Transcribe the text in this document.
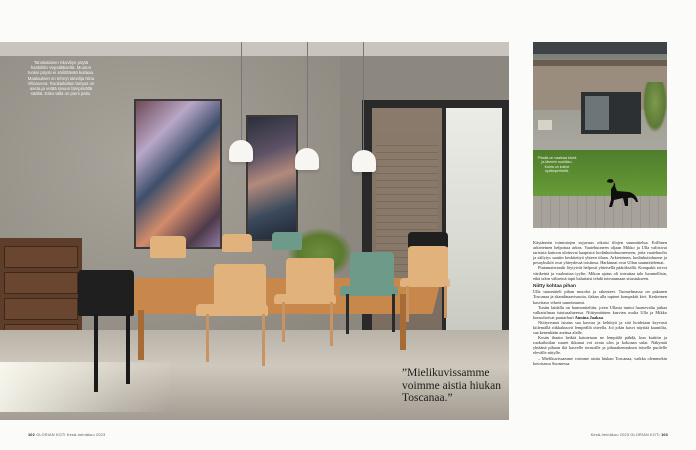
Tanskalaisen Skovbyn pöytä hankittiin Vepsäläiseltä. Muuton tuoksi pöysti ei säilöttävää kuitaaa. Maalaukset on tehnyt taiteilija Nina Villanueva. Ruokailutilan lamput on aseta ja vetää sivuun lämpimältä säältä. Esko-talla on pieni patio.
”Mielikuvissamme voimme aistia hiukan Toscanaa.”
102 GLORIAN KOTI Kesä-heinäkuu 2023
Pihalla on vaaleaa kiveä ja lämmin ruohikko. Koiria on kolme sydänperhettä.

Käytännön toimintojen sujuvuus oikaisi tilojen suunnittelua. Erillinen arkieteinen helpottaa arkea. Vaatehuoneen oljaan Mikko ja Ulla valitsivat tarisista kattoon ulottuvat kaapistot kodinhoitohuoneeseen, jotta vaatehuolto ja säilytys saatiin keskitettyä yhteen tilaan. Arkieteinen, kodinhoitohuone ja pesuyksiköt ovat yhteydessä toisiinsa. Harkinnat ovat Ullan suunnittelemat.

Pintamateriaalit löytyivät helposti yhteisellä päätöksellä. Kompakti toivoi värikeinä ja vaaleuttaa tyylin. Mikon ajatus oli toteuttaa talo luonnollisin, eikä talon väliseinä tapit haluttaisi tehdä toteutumaan sisustukseen.

Niitty kohtaa pihan

Ulla suunnitteli pihan muodot ja rakenteet. Tuomelmassa on pakanen Toscanaa ja skandinaavisuutta, ilakan alla rapinet kompaktit kivi. Keskeinen kasvitaso vihreä sametinurmi.

Tontin laidalla on harmoniteltiin, joten Ullasta tuntui luontevalta jatkaa valkaisilmaa istutusalueessa. Niittymäärien kasvien osalta Ulla ja Mikko konsultoivat puutarhuri Annina Jaakaa.

Niittyreunat istutus saa kasvaa ja kehittyä ja sitä hoidetaan keyvasti kiilemällä riikkakuuvit lempeällä otteella. Joi jokin kasvi näyttää kauniilta, saa kenenkään asettua alalle.

Kesän ihanin hetkiä kaiutetaan ne lempiälä pähdä, kun kattiiin ja ruokailutilan suuret ikkunat voi avata ulos ja kokoaan sulat. Näkymät yhtäänä pihaan ikä kasvelle terassille ja piharakennuksen toiselle puolelle elevälle niitylle.

– Mielikuvissamme voimme aistia hiukan Toscanaa, vaikka olemmekin kotoisassa Suomessa.

Kesä-heinäkuu 2023 GLORIAN KOTI 103
